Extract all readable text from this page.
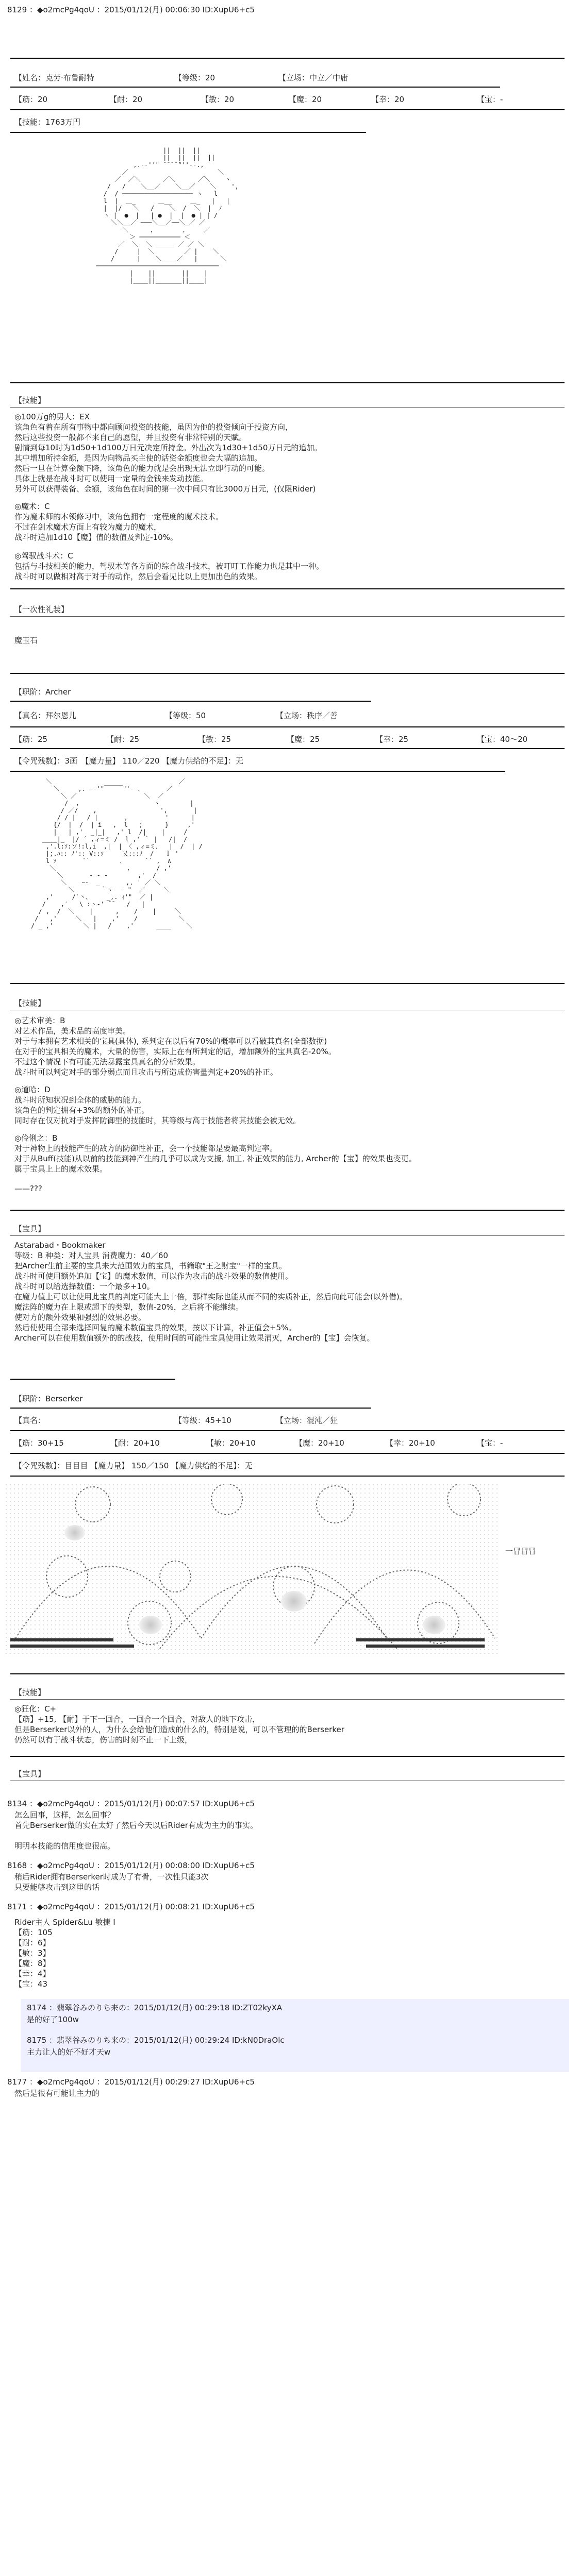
8129 ：◆o2mcPg4qoU ：2015/01/12(月) 00:06:30 ID:XupU6+c5
【姓名：克劳·布鲁耐特	【等级：20	【立场：中立／中庸
【筋：20	【耐：20	【敏：20	【魔：20	【幸：20	【宝：-
【技能：1763万円
||  ||  ||
||  ||  ||  ||
,.-‐''" ̄ ̄ ̄ ̄ ̄"''‐-.,
／                        ＼
／  ／＼      ／＼      ／＼    ヽ
/   /    ＼__／    ＼__／    ＼    ',
/  / ─────────────────── ヽ   l
l  |  ＿_      ＿__     ＿_   |   |
|  |/   ＼   /    ＼  /  ＼  |  ﾉ
ヽ |  ●  |   | ●  |  |  ● | | /
＼＼__／ ───＼__／──＼_／ ／
＼      ，       ，    ／
＞ ─────────── ＜
／  ＼  ＼ ＿＿＿ ／ ／ ＼
/     |  ＼        ／ |    ＼
/      |    ＼____／   |      ＼
─────────────────────────────────
|    ||       ||    |
|____||_______||____|
【技能】
◎100万g的男人：EX
该角色有着在所有事物中都向顾问投资的技能，虽因为他的投资倾向于投资方向，
然后这些投资一般都不来自己的愿望，并且投资有非常特别的天賦。
剧情到每10时为1d50+1d100万日元决定所持金。外出次为1d30+1d50万日元的追加。
其中增加所持金额，是因为向物品买主使的话资金额度也会大幅的追加。
然后一旦在计算金额下降，该角色的能力就是会出现无法立即行动的可能。
具体上就是在战斗时可以使用一定量的金钱来发动技能。
另外可以获得装备、金额，该角色在时间的第一次中间只有比3000万日元，(仅限Rider)
◎魔术：C
作为魔术师的本领修习中，该角色拥有一定程度的魔术技术。
不过在剑术魔术方面上有较为魔力的魔术，
战斗时追加1d10【魔】值的数值及判定-10%。
◎驾驭战斗术：C
包括与斗技相关的能力，驾驭术等各方面的综合战斗技术，被叮叮工作能力也是其中一种。
战斗时可以做相对高于对手的动作，然后会看见比以上更加出色的效果。
【一次性礼装】
魔玉石
【职阶：Archer
【真名：拜尔恩儿	【等级：50	【立场：秩序／善
【筋：25	【耐：25	【敏：25	【魔：25	【幸：25	【宝：40～20
【令咒残数】：3画　【魔力量】 110／220 【魔力供给的不足】：无
＼                                  ／
＼     ,. -‐'"￣￣￣"'‐ 、      ／
＼ ／                  ＼  ／
/  ,                    ヽ        |
/ ／/    ,                 ',       |
/ / |   / |       ,          '      |
{/  |  /  | i   ,  l   ;      }     ,'
|   | ,'  _|_|   ,' l  /|    |     /
____|_  |/ ´ ,ィ=ミ /  l ,' ｀ |   /|  /
,'.l:ｿ:ソ!:l,i  ,|  | 〈 ,ィ=ミ、  |  /  | /
|;.ﾊ:: ﾉ':: V::ｿ     乂:::ﾉ  /   ｌ '
l ｿ       ``        ､      `` ,  ∧
＼                   ,       / ,'
＼       ‐ - ‐        ,'  /
＼    ｰ-  _       ,. ' ／ ＼
＼       ｀ヽ- ‐ "  ／     ＼
,'     /`丶、    _,. ｨ'"  ／ |
/    ,′   \ :ゝ‐' ̄ ̄    /   |
/ ,  /  ＼    |      ,    /    |     ＼
/   ,'     ＼   |    ,'    /           ＼
/ _ ,'        ＼ |   /    ,'      ____    ＼
【技能】
◎艺术审美：B
对艺术作品，美术品的高度审美。
对于与本拥有艺术相关的宝具(具体), 系判定在以后有70%的概率可以看破其真名(全部数据)
在对手的宝具相关的魔术，大量的伤害，实际上在有所判定的话，增加额外的宝具真名-20%。
不过这个情况下有可能无法暴露宝具真名的分析效果。
战斗时可以判定对手的部分弱点而且攻击与所造成伤害量判定+20%的补正。
◎道哈：D
战斗时所知状况到全体的威胁的能力。
该角色的判定拥有+3%的额外的补正。
同时存在仅对抗对手发挥防御型的技能时，其等级与高于技能者将其技能会被无效。
◎伶俐之：B
对于神物上的技能产生的敌方的防御性补正，会一个技能都是要最高判定率。
对于从Buff(技能)从以前的技能到神产生的几乎可以成为支援, 加工, 补正效果的能力, Archer的【宝】的效果也变更。
属于宝具上上的魔术效果。
——???
【宝具】
Astarabad・Bookmaker
等级：B 种类：对人宝具 消费魔力：40／60
把Archer生前主要的宝具来大范围效力的宝具，书籍取"王之财宝"一样的宝具。
战斗时可使用额外追加【宝】的魔术数值，可以作为攻击的战斗效果的数值使用。
战斗时可以给选择数值：一个最多+10。
在魔力值上可以让使用此宝具的判定可能大上十倍，那样实际也能从而不同的实质补正，然后向此可能会(以外借)。
魔法阵的魔力在上限或超下的类型，数值-20%，之后将不能继续。
使对方的额外效果和强烈的效果必要。
然后使使用全部来选择回复的魔术数值宝具的效果，按以下计算，补正值会+5%。
Archer可以在使用数值额外的的战技，使用时间的可能性宝具使用让效果消灭，Archer的【宝】会恢复。
【职阶：Berserker
【真名：	【等级：45+10	【立场：混沌／狂
【筋：30+15	【耐：20+10	【敏：20+10	【魔：20+10	【幸：20+10	【宝：-
【令咒残数】：目目目 【魔力量】 150／150 【魔力供给的不足】：无
一冒冒冒
【技能】
◎狂化：C+
【筋】+15, 【耐】于下一回合，一回合一个回合，对敌人的地下攻击，
但是Berserker以外的人，为什么会给他们造成的什么的，特别是说，可以不管理的的Berserker
仍然可以有于战斗状态，伤害的时刻不止一下上级，
【宝具】
8134 ：◆o2mcPg4qoU ：2015/01/12(月) 00:07:57 ID:XupU6+c5
怎么回事，这样，怎么回事？
首先Berserker做的实在太好了然后今天以后Rider有成为主力的事实。
明明本技能的信用度也很高。
8168 ：◆o2mcPg4qoU ：2015/01/12(月) 00:08:00 ID:XupU6+c5
稍后Rider拥有Berserker时成为了有骨，一次性只能3次
只要能够攻击到这里的话
8171 ：◆o2mcPg4qoU ：2015/01/12(月) 00:08:21 ID:XupU6+c5
Rider主人 Spider&Lu 敏捷 I
【筋：105
【耐：6】
【敏：3】
【魔：8】
【幸：4】
【宝：43
8174 ：翡翠谷みのりち来の：2015/01/12(月) 00:29:18 ID:ZT02kyXA
是的好了100w
8175 ：翡翠谷みのりち来の：2015/01/12(月) 00:29:24 ID:kN0DraOlc
主力让人的好不好才天w
8177 ：◆o2mcPg4qoU ：2015/01/12(月) 00:29:27 ID:XupU6+c5
然后是很有可能让主力的
